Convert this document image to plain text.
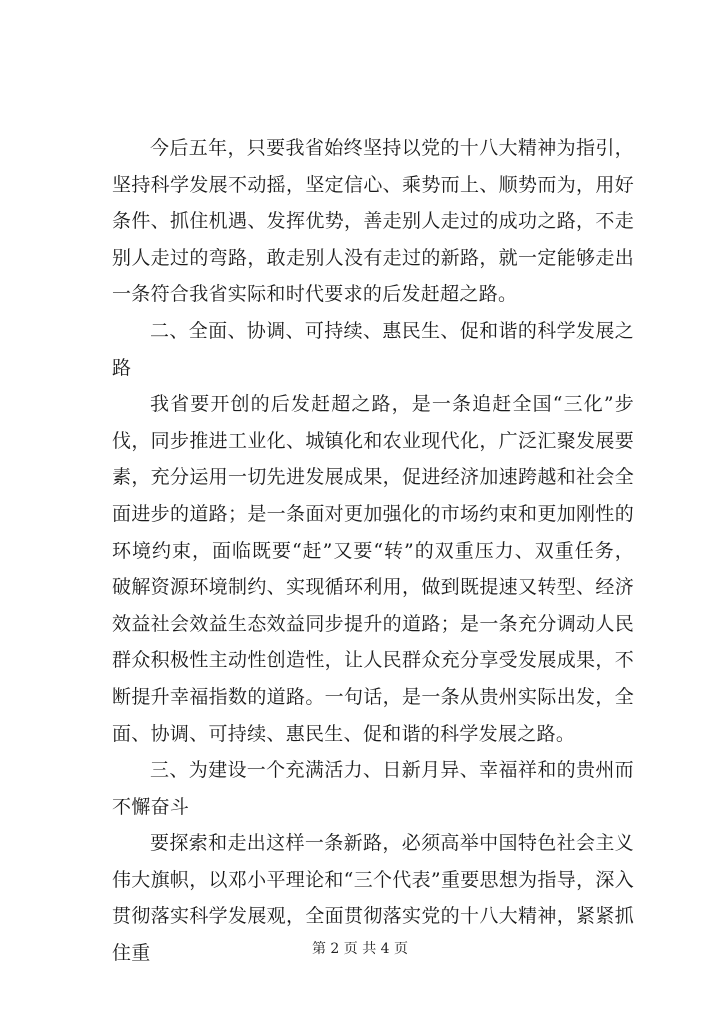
今后五年，只要我省始终坚持以党的十八大精神为指引，坚持科学发展不动摇，坚定信心、乘势而上、顺势而为，用好条件、抓住机遇、发挥优势，善走别人走过的成功之路，不走别人走过的弯路，敢走别人没有走过的新路，就一定能够走出一条符合我省实际和时代要求的后发赶超之路。

二、全面、协调、可持续、惠民生、促和谐的科学发展之路

我省要开创的后发赶超之路，是一条追赶全国“三化”步伐，同步推进工业化、城镇化和农业现代化，广泛汇聚发展要素，充分运用一切先进发展成果，促进经济加速跨越和社会全面进步的道路；是一条面对更加强化的市场约束和更加刚性的环境约束，面临既要“赶”又要“转”的双重压力、双重任务，破解资源环境制约、实现循环利用，做到既提速又转型、经济效益社会效益生态效益同步提升的道路；是一条充分调动人民群众积极性主动性创造性，让人民群众充分享受发展成果，不断提升幸福指数的道路。一句话，是一条从贵州实际出发，全面、协调、可持续、惠民生、促和谐的科学发展之路。

三、为建设一个充满活力、日新月异、幸福祥和的贵州而不懈奋斗

要探索和走出这样一条新路，必须高举中国特色社会主义伟大旗帜，以邓小平理论和“三个代表”重要思想为指导，深入贯彻落实科学发展观，全面贯彻落实党的十八大精神，紧紧抓住重	第 2 页 共 4 页
